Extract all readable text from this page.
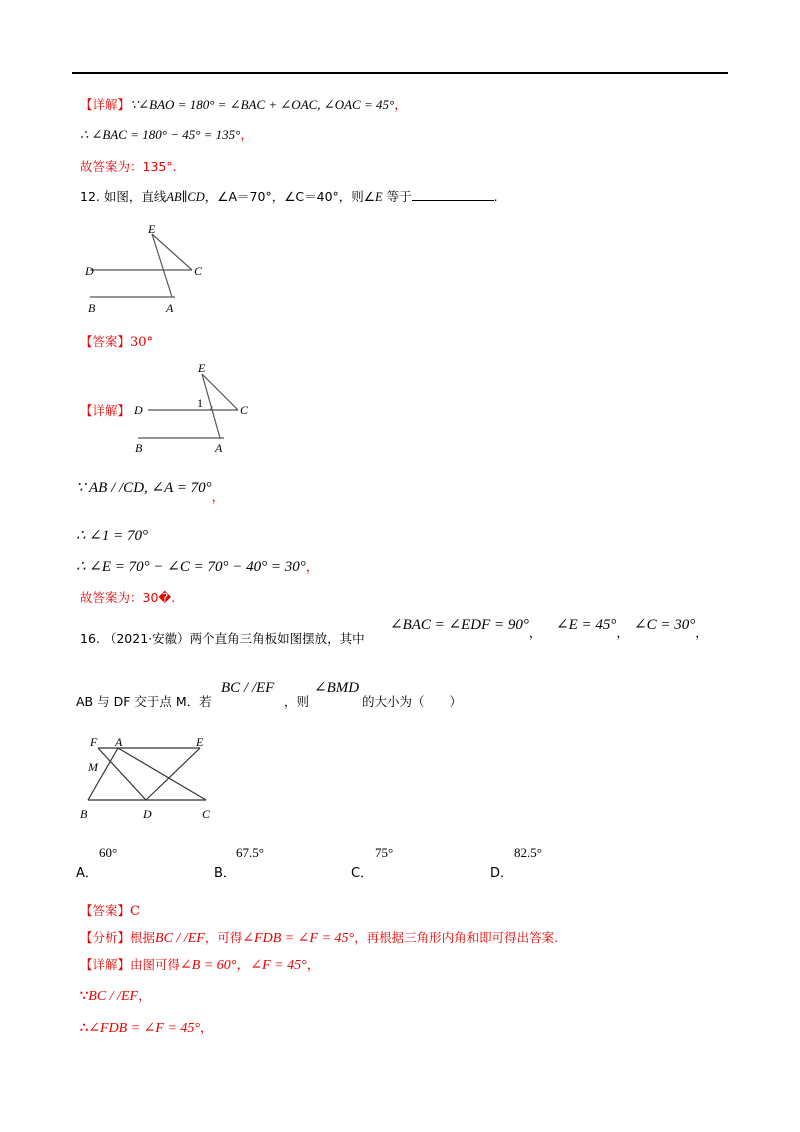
【详解】∵∠BAO = 180° = ∠BAC + ∠OAC, ∠OAC = 45°，
∴ ∠BAC = 180° − 45° = 135°，
故答案为：135°.
12. 如图，直线AB∥CD，∠A＝70°，∠C＝40°，则∠E 等于	.
E
D	C
B	A
【答案】30°
【详解】
E
1
D	C
B	A
∵ AB / /CD, ∠A = 70°，
∴ ∠1 = 70°
∴ ∠E = 70° − ∠C = 70° − 40° = 30°，
故答案为：30�.
16. （2021·安徽）两个直角三角板如图摆放，其中
∠BAC = ∠EDF = 90°， ∠E = 45°， ∠C = 30°，
AB 与 DF 交于点 M．若
BC / /EF
，则
∠BMD
的大小为（　　）
F A	E
M
B	D	C
A．
60°
B．
67.5°
C．
75°
D．
82.5°
【答案】C
【分析】根据BC / /EF，可得∠FDB = ∠F = 45°，再根据三角形内角和即可得出答案.
【详解】由图可得∠B = 60°，∠F = 45°，
∵BC / /EF，
∴∠FDB = ∠F = 45°，
